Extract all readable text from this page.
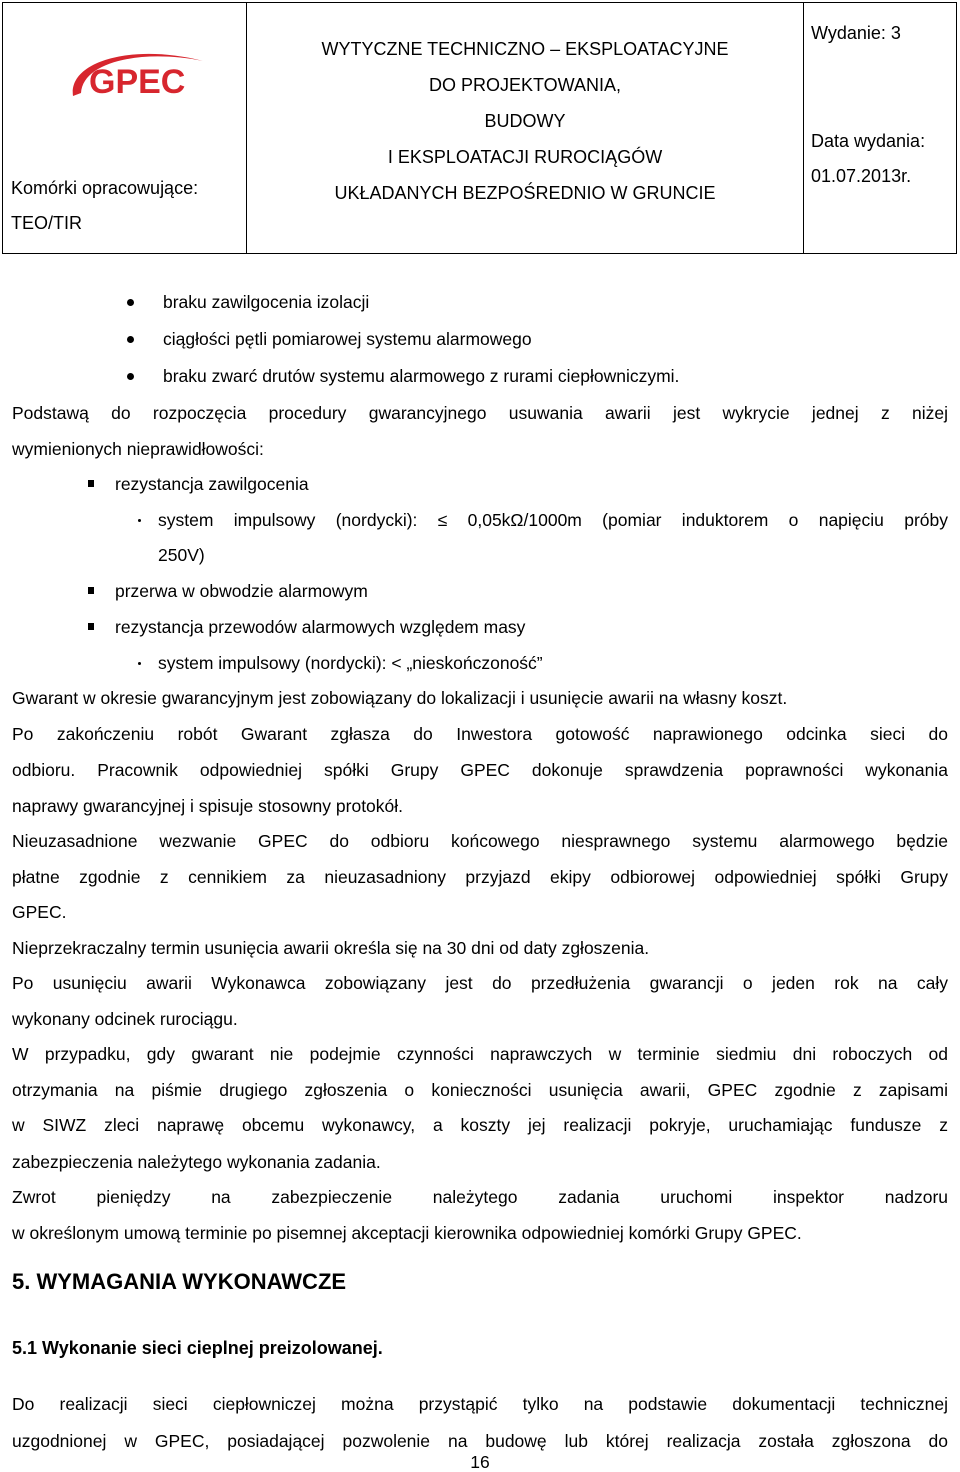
GPEC
Komórki opracowujące:
TEO/TIR
WYTYCZNE TECHNICZNO – EKSPLOATACYJNE
DO PROJEKTOWANIA,
BUDOWY
I EKSPLOATACJI RUROCIĄGÓW
UKŁADANYCH BEZPOŚREDNIO W GRUNCIE
Wydanie: 3
Data wydania:
01.07.2013r.
braku zawilgocenia izolacji
ciągłości pętli pomiarowej systemu alarmowego
braku zwarć drutów systemu alarmowego z rurami ciepłowniczymi.
Podstawą do rozpoczęcia procedury gwarancyjnego usuwania awarii jest wykrycie jednej z niżej
wymienionych nieprawidłowości:
rezystancja zawilgocenia
system impulsowy (nordycki): ≤ 0,05kΩ/1000m (pomiar induktorem o napięciu próby
250V)
przerwa w obwodzie alarmowym
rezystancja przewodów alarmowych względem masy
system impulsowy (nordycki): < „nieskończoność”
Gwarant w okresie gwarancyjnym jest zobowiązany do lokalizacji i usunięcie awarii na własny koszt.
Po zakończeniu robót Gwarant zgłasza do Inwestora gotowość naprawionego odcinka sieci do
odbioru. Pracownik odpowiedniej spółki Grupy GPEC dokonuje sprawdzenia poprawności wykonania
naprawy gwarancyjnej i spisuje stosowny protokół.
Nieuzasadnione wezwanie GPEC do odbioru końcowego niesprawnego systemu alarmowego będzie
płatne zgodnie z cennikiem za nieuzasadniony przyjazd ekipy odbiorowej odpowiedniej spółki Grupy
GPEC.
Nieprzekraczalny termin usunięcia awarii określa się na 30 dni od daty zgłoszenia.
Po usunięciu awarii Wykonawca zobowiązany jest do przedłużenia gwarancji o jeden rok na cały
wykonany odcinek rurociągu.
W przypadku, gdy gwarant nie podejmie czynności naprawczych w terminie siedmiu dni roboczych od
otrzymania na piśmie drugiego zgłoszenia o konieczności usunięcia awarii, GPEC zgodnie z zapisami
w SIWZ zleci naprawę obcemu wykonawcy, a koszty jej realizacji pokryje, uruchamiając fundusze z
zabezpieczenia należytego wykonania zadania.
Zwrot pieniędzy na zabezpieczenie należytego zadania uruchomi inspektor nadzoru
w określonym umową terminie po pisemnej akceptacji kierownika odpowiedniej komórki Grupy GPEC.
5. WYMAGANIA WYKONAWCZE
5.1 Wykonanie sieci cieplnej preizolowanej.
Do realizacji sieci ciepłowniczej można przystąpić tylko na podstawie dokumentacji technicznej
uzgodnionej w GPEC, posiadającej pozwolenie na budowę lub której realizacja została zgłoszona do
16
